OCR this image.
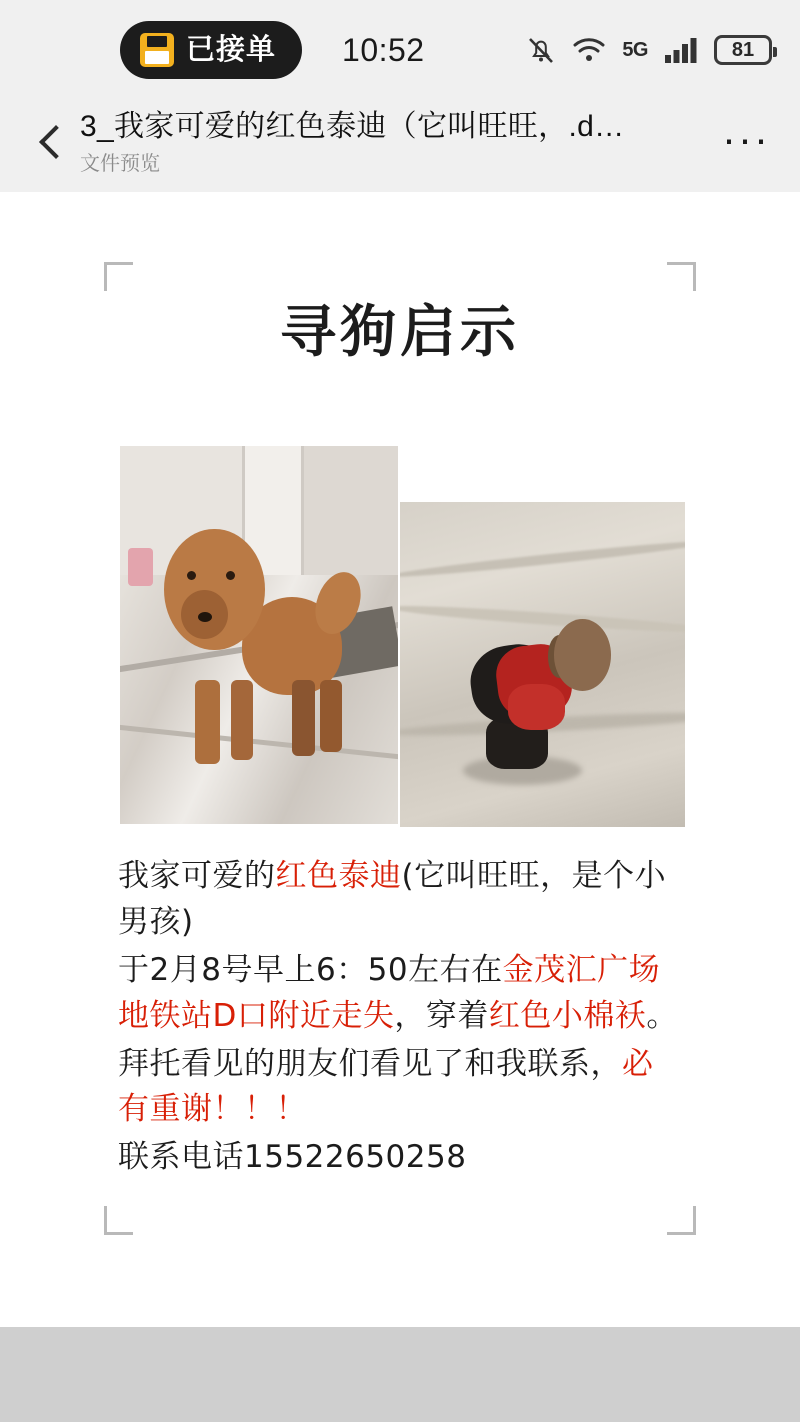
已接单 10:52	5G	81
3_我家可爱的红色泰迪（它叫旺旺，.d…
文件预览
···
寻狗启示

我家可爱的红色泰迪(它叫旺旺，是个小男孩)

于2月8号早上6：50左右在金茂汇广场地铁站D口附近走失，穿着红色小棉袄。

拜托看见的朋友们看见了和我联系，必有重谢！！！

联系电话15522650258
